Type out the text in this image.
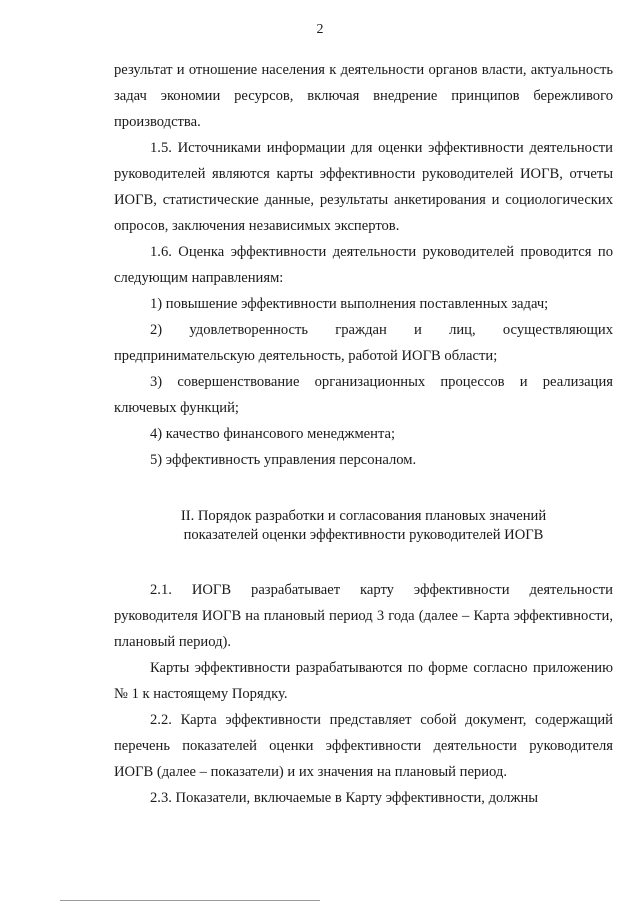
2

результат и отношение населения к деятельности органов власти, актуальность задач экономии ресурсов, включая внедрение принципов бережливого производства.

1.5. Источниками информации для оценки эффективности деятельности руководителей являются карты эффективности руководителей ИОГВ, отчеты ИОГВ, статистические данные, результаты анкетирования и социологических опросов, заключения независимых экспертов.

1.6. Оценка эффективности деятельности руководителей проводится по следующим направлениям:

1) повышение эффективности выполнения поставленных задач;

2) удовлетворенность граждан и лиц, осуществляющих предпринимательскую деятельность, работой ИОГВ области;

3) совершенствование организационных процессов и реализация ключевых функций;

4) качество финансового менеджмента;

5) эффективность управления персоналом.

II. Порядок разработки и согласования плановых значений
показателей оценки эффективности руководителей ИОГВ

2.1. ИОГВ разрабатывает карту эффективности деятельности руководителя ИОГВ на плановый период 3 года (далее – Карта эффективности, плановый период).

Карты эффективности разрабатываются по форме согласно приложению № 1 к настоящему Порядку.

2.2. Карта эффективности представляет собой документ, содержащий перечень показателей оценки эффективности деятельности руководителя ИОГВ (далее – показатели) и их значения на плановый период.

2.3. Показатели, включаемые в Карту эффективности, должны
